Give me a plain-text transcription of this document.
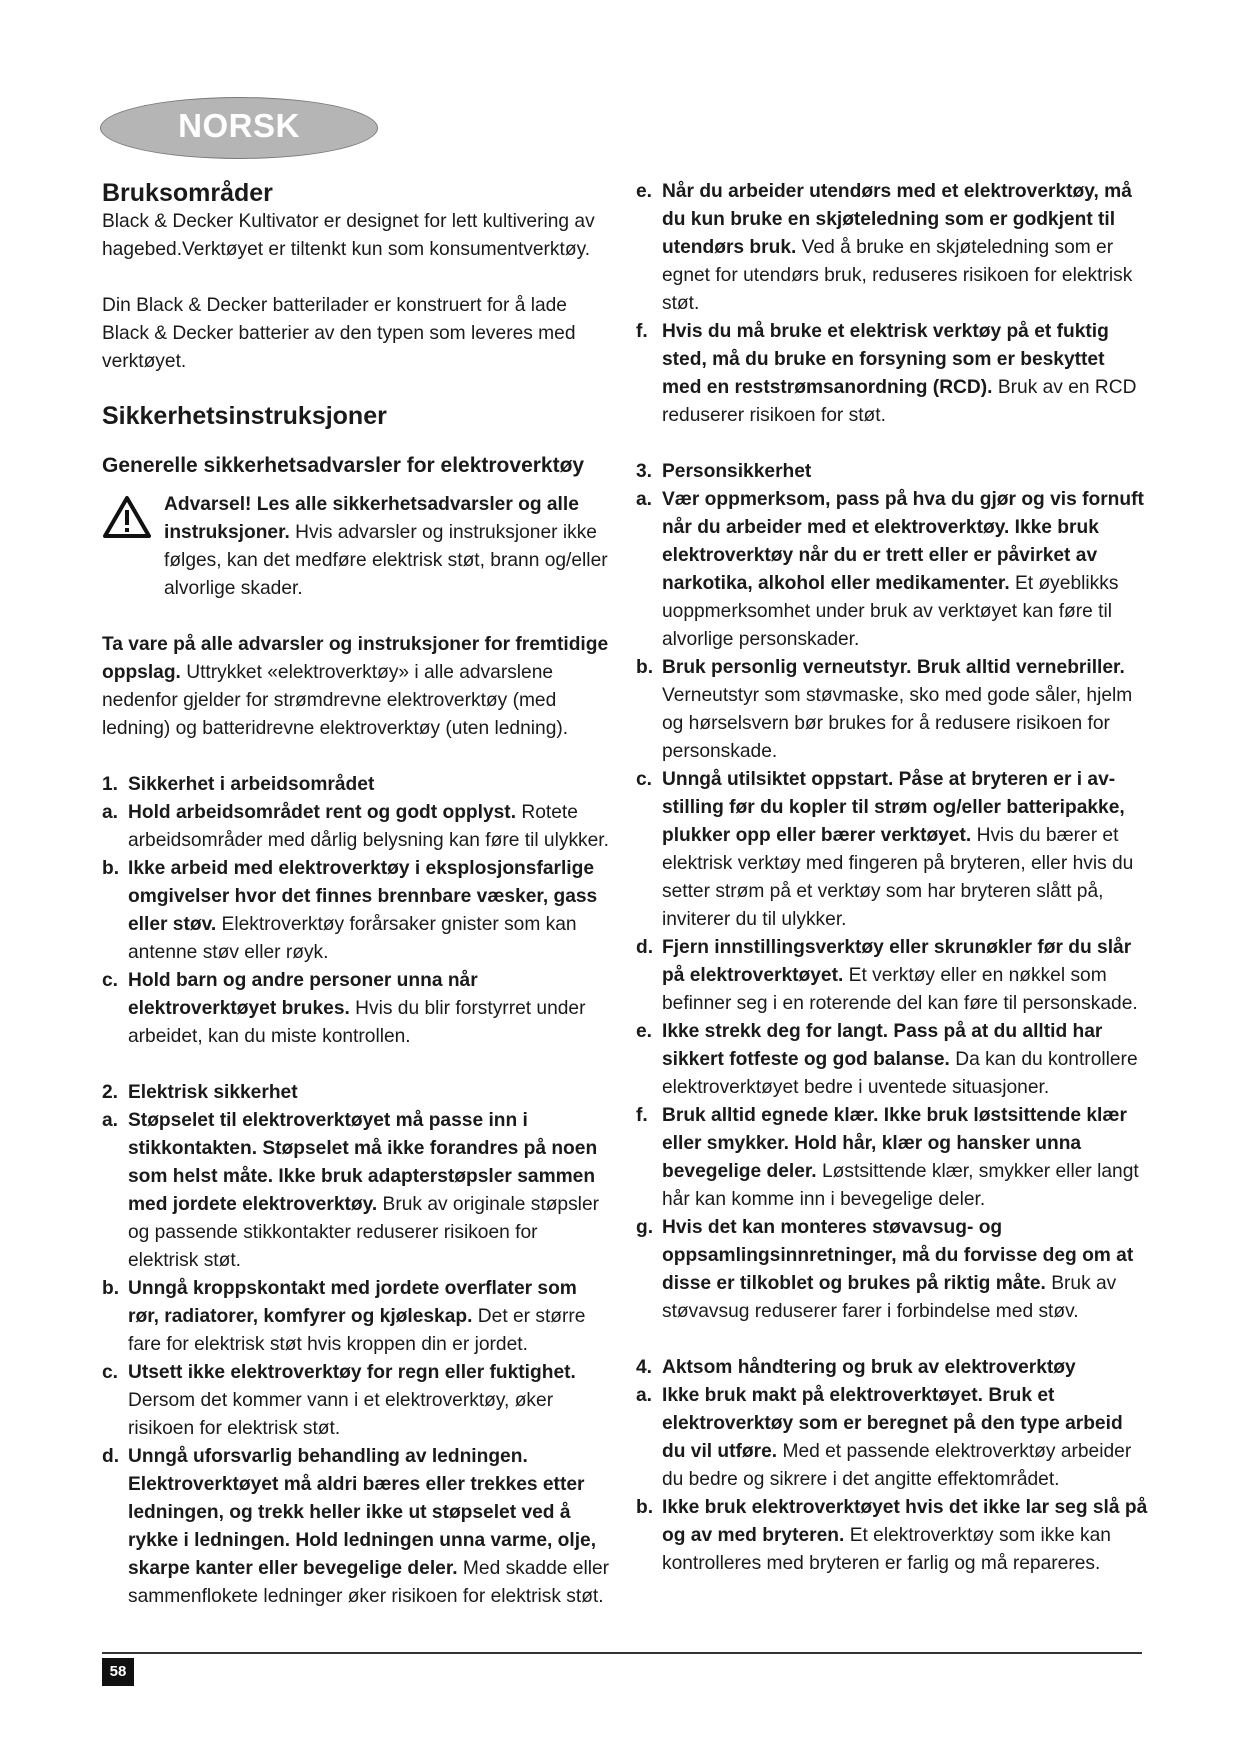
NORSK
Bruksområder

Black & Decker Kultivator er designet for lett kultivering av hagebed.Verktøyet er tiltenkt kun som konsumentverktøy.

Din Black & Decker batterilader er konstruert for å lade Black & Decker batterier av den typen som leveres med verktøyet.

Sikkerhetsinstruksjoner
Generelle sikkerhetsadvarsler for elektroverktøy
Advarsel! Les alle sikkerhetsadvarsler og alle instruksjoner. Hvis advarsler og instruksjoner ikke følges, kan det medføre elektrisk støt, brann og/eller alvorlige skader.

Ta vare på alle advarsler og instruksjoner for fremtidige oppslag. Uttrykket «elektroverktøy» i alle advarslene nedenfor gjelder for strømdrevne elektroverktøy (med ledning) og batteridrevne elektroverktøy (uten ledning).

1. Sikkerhet i arbeidsområdet
a. Hold arbeidsområdet rent og godt opplyst. Rotete arbeidsområder med dårlig belysning kan føre til ulykker.
b. Ikke arbeid med elektroverktøy i eksplosjonsfarlige omgivelser hvor det finnes brennbare væsker, gass eller støv. Elektroverktøy forårsaker gnister som kan antenne støv eller røyk.
c. Hold barn og andre personer unna når elektroverktøyet brukes. Hvis du blir forstyrret under arbeidet, kan du miste kontrollen.
2. Elektrisk sikkerhet
a. Støpselet til elektroverktøyet må passe inn i stikkontakten. Støpselet må ikke forandres på noen som helst måte. Ikke bruk adapterstøpsler sammen med jordete elektroverktøy. Bruk av originale støpsler og passende stikkontakter reduserer risikoen for elektrisk støt.
b. Unngå kroppskontakt med jordete overflater som rør, radiatorer, komfyrer og kjøleskap. Det er større fare for elektrisk støt hvis kroppen din er jordet.
c. Utsett ikke elektroverktøy for regn eller fuktighet. Dersom det kommer vann i et elektroverktøy, øker risikoen for elektrisk støt.
d. Unngå uforsvarlig behandling av ledningen. Elektroverktøyet må aldri bæres eller trekkes etter ledningen, og trekk heller ikke ut støpselet ved å rykke i ledningen. Hold ledningen unna varme, olje, skarpe kanter eller bevegelige deler. Med skadde eller sammenflokete ledninger øker risikoen for elektrisk støt.
e. Når du arbeider utendørs med et elektroverktøy, må du kun bruke en skjøteledning som er godkjent til utendørs bruk. Ved å bruke en skjøteledning som er egnet for utendørs bruk, reduseres risikoen for elektrisk støt.
f. Hvis du må bruke et elektrisk verktøy på et fuktig sted, må du bruke en forsyning som er beskyttet med en reststrømsanordning (RCD). Bruk av en RCD reduserer risikoen for støt.
3. Personsikkerhet
a. Vær oppmerksom, pass på hva du gjør og vis fornuft når du arbeider med et elektroverktøy. Ikke bruk elektroverktøy når du er trett eller er påvirket av narkotika, alkohol eller medikamenter. Et øyeblikks uoppmerksomhet under bruk av verktøyet kan føre til alvorlige personskader.
b. Bruk personlig verneutstyr. Bruk alltid vernebriller. Verneutstyr som støvmaske, sko med gode såler, hjelm og hørselsvern bør brukes for å redusere risikoen for personskade.
c. Unngå utilsiktet oppstart. Påse at bryteren er i av-stilling før du kopler til strøm og/eller batteripakke, plukker opp eller bærer verktøyet. Hvis du bærer et elektrisk verktøy med fingeren på bryteren, eller hvis du setter strøm på et verktøy som har bryteren slått på, inviterer du til ulykker.
d. Fjern innstillingsverktøy eller skrunøkler før du slår på elektroverktøyet. Et verktøy eller en nøkkel som befinner seg i en roterende del kan føre til personskade.
e. Ikke strekk deg for langt. Pass på at du alltid har sikkert fotfeste og god balanse. Da kan du kontrollere elektroverktøyet bedre i uventede situasjoner.
f. Bruk alltid egnede klær. Ikke bruk løstsittende klær eller smykker. Hold hår, klær og hansker unna bevegelige deler. Løstsittende klær, smykker eller langt hår kan komme inn i bevegelige deler.
g. Hvis det kan monteres støvavsug- og oppsamlingsinnretninger, må du forvisse deg om at disse er tilkoblet og brukes på riktig måte. Bruk av støvavsug reduserer farer i forbindelse med støv.
4. Aktsom håndtering og bruk av elektroverktøy
a. Ikke bruk makt på elektroverktøyet. Bruk et elektroverktøy som er beregnet på den type arbeid du vil utføre. Med et passende elektroverktøy arbeider du bedre og sikrere i det angitte effektområdet.
b. Ikke bruk elektroverktøyet hvis det ikke lar seg slå på og av med bryteren. Et elektroverktøy som ikke kan kontrolleres med bryteren er farlig og må repareres.
58
